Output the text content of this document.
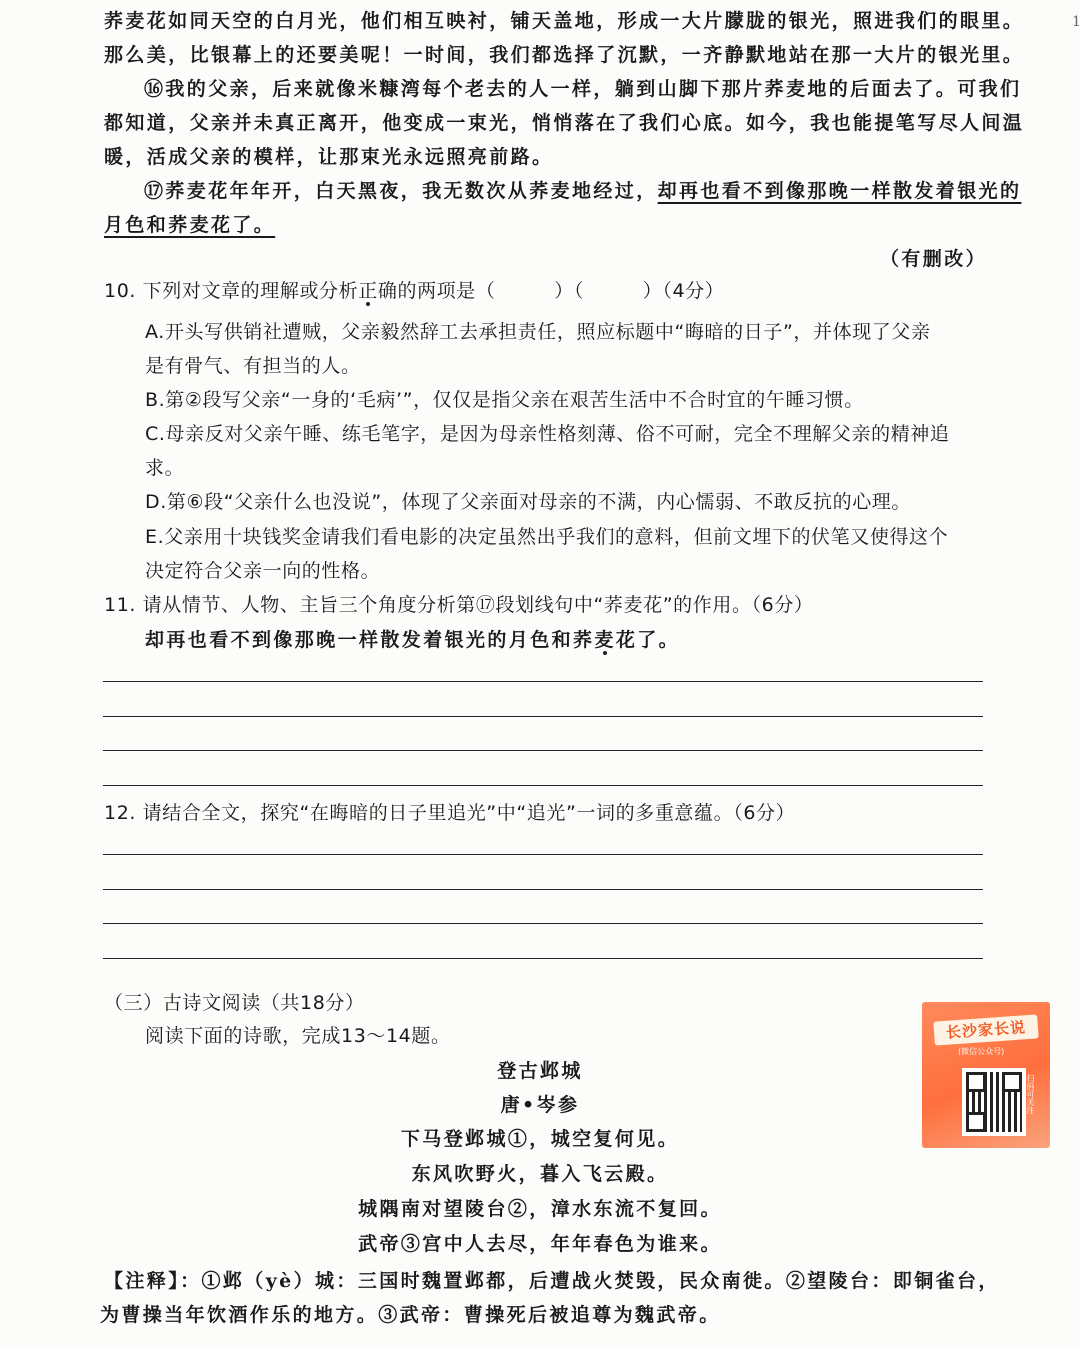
荞麦花如同天空的白月光，他们相互映衬，铺天盖地，形成一大片朦胧的银光，照进我们的眼里。
那么美，比银幕上的还要美呢！一时间，我们都选择了沉默，一齐静默地站在那一大片的银光里。
⑯我的父亲，后来就像米糠湾每个老去的人一样，躺到山脚下那片荞麦地的后面去了。可我们
都知道，父亲并未真正离开，他变成一束光，悄悄落在了我们心底。如今，我也能提笔写尽人间温
暖，活成父亲的模样，让那束光永远照亮前路。
⑰荞麦花年年开，白天黑夜，我无数次从荞麦地经过，却再也看不到像那晚一样散发着银光的
月色和荞麦花了。
（有删改）
10. 下列对文章的理解或分析正确的两项是（　　　）（　　　）（4分）
A.开头写供销社遭贼，父亲毅然辞工去承担责任，照应标题中“晦暗的日子”，并体现了父亲
是有骨气、有担当的人。
B.第②段写父亲“一身的‘毛病’”，仅仅是指父亲在艰苦生活中不合时宜的午睡习惯。
C.母亲反对父亲午睡、练毛笔字，是因为母亲性格刻薄、俗不可耐，完全不理解父亲的精神追
求。
D.第⑥段“父亲什么也没说”，体现了父亲面对母亲的不满，内心懦弱、不敢反抗的心理。
E.父亲用十块钱奖金请我们看电影的决定虽然出乎我们的意料，但前文埋下的伏笔又使得这个
决定符合父亲一向的性格。
11. 请从情节、人物、主旨三个角度分析第⑰段划线句中“荞麦花”的作用。（6分）
却再也看不到像那晚一样散发着银光的月色和荞麦花了。
12. 请结合全文，探究“在晦暗的日子里追光”中“追光”一词的多重意蕴。（6分）
（三）古诗文阅读（共18分）
阅读下面的诗歌，完成13～14题。
登古邺城
唐•岑参
下马登邺城①，城空复何见。
东风吹野火，暮入飞云殿。
城隅南对望陵台②，漳水东流不复回。
武帝③宫中人去尽，年年春色为谁来。
【注释】：①邺（yè）城：三国时魏置邺都，后遭战火焚毁，民众南徙。②望陵台：即铜雀台，
为曹操当年饮酒作乐的地方。③武帝：曹操死后被追尊为魏武帝。
长沙家长说
(微信公众号)
扫码可关注
1
